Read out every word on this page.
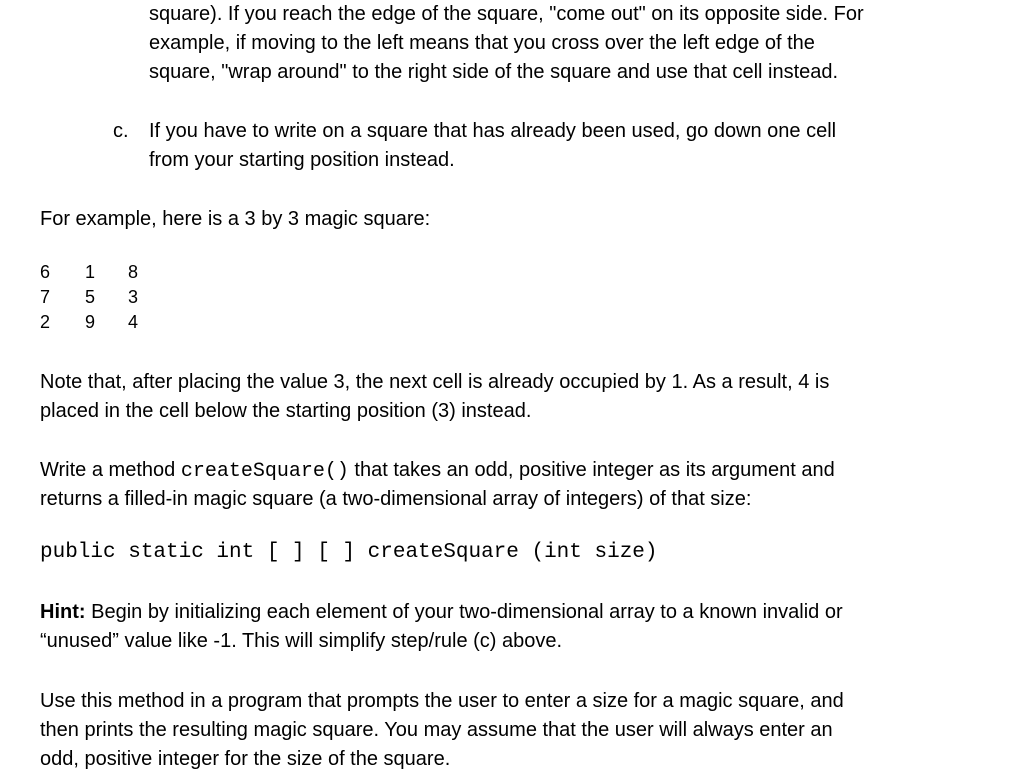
square). If you reach the edge of the square, "come out" on its opposite side. For
example, if moving to the left means that you cross over the left edge of the
square, "wrap around" to the right side of the square and use that cell instead.
c. If you have to write on a square that has already been used, go down one cell
from your starting position instead.
For example, here is a 3 by 3 magic square:
6	1	8
7	5	3
2	9	4
Note that, after placing the value 3, the next cell is already occupied by 1. As a result, 4 is
placed in the cell below the starting position (3) instead.
Write a method createSquare() that takes an odd, positive integer as its argument and
returns a filled-in magic square (a two-dimensional array of integers) of that size:
public static int [ ] [ ] createSquare (int size)
Hint: Begin by initializing each element of your two-dimensional array to a known invalid or
“unused” value like -1. This will simplify step/rule (c) above.
Use this method in a program that prompts the user to enter a size for a magic square, and
then prints the resulting magic square. You may assume that the user will always enter an
odd, positive integer for the size of the square.
